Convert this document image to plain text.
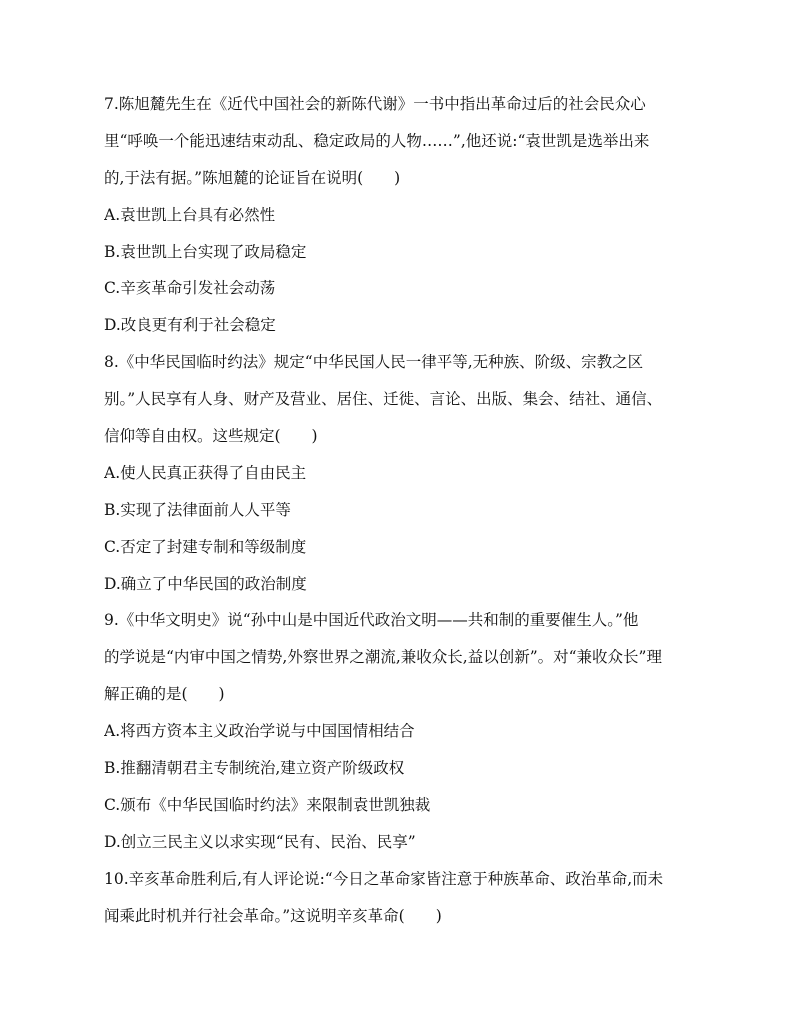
7.陈旭麓先生在《近代中国社会的新陈代谢》一书中指出革命过后的社会民众心
里“呼唤一个能迅速结束动乱、稳定政局的人物……”,他还说:“袁世凯是选举出来
的,于法有据。”陈旭麓的论证旨在说明(　　)
A.袁世凯上台具有必然性
B.袁世凯上台实现了政局稳定
C.辛亥革命引发社会动荡
D.改良更有利于社会稳定
8.《中华民国临时约法》规定“中华民国人民一律平等,无种族、阶级、宗教之区
别。”人民享有人身、财产及营业、居住、迁徙、言论、出版、集会、结社、通信、
信仰等自由权。这些规定(　　)
A.使人民真正获得了自由民主
B.实现了法律面前人人平等
C.否定了封建专制和等级制度
D.确立了中华民国的政治制度
9.《中华文明史》说“孙中山是中国近代政治文明——共和制的重要催生人。”他
的学说是“内审中国之情势,外察世界之潮流,兼收众长,益以创新”。对“兼收众长”理
解正确的是(　　)
A.将西方资本主义政治学说与中国国情相结合
B.推翻清朝君主专制统治,建立资产阶级政权
C.颁布《中华民国临时约法》来限制袁世凯独裁
D.创立三民主义以求实现“民有、民治、民享”
10.辛亥革命胜利后,有人评论说:“今日之革命家皆注意于种族革命、政治革命,而未
闻乘此时机并行社会革命。”这说明辛亥革命(　　)
